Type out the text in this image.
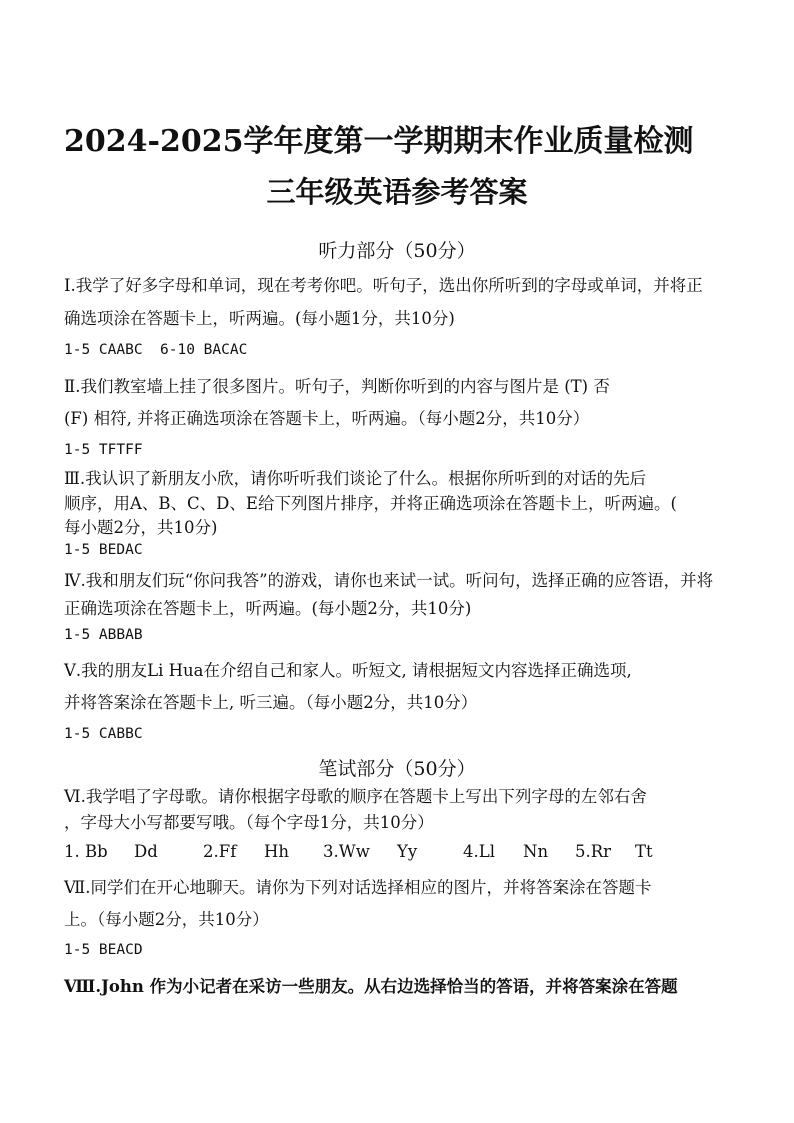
2024-2025学年度第一学期期末作业质量检测
三年级英语参考答案
听力部分（50分）
I.我学了好多字母和单词，现在考考你吧。听句子，选出你所听到的字母或单词，并将正
确选项涂在答题卡上，听两遍。(每小题1分，共10分)
1-5 CAABC  6-10 BACAC
Ⅱ.我们教室墙上挂了很多图片。听句子，判断你听到的内容与图片是 (T) 否
(F) 相符, 并将正确选项涂在答题卡上，听两遍。（每小题2分，共10分）
1-5 TFTFF
Ⅲ.我认识了新朋友小欣，请你听听我们谈论了什么。根据你所听到的对话的先后
顺序，用A、B、C、D、E给下列图片排序，并将正确选项涂在答题卡上，听两遍。(
每小题2分，共10分)
1-5 BEDAC
Ⅳ.我和朋友们玩“你问我答”的游戏，请你也来试一试。听问句，选择正确的应答语，并将
正确选项涂在答题卡上，听两遍。(每小题2分，共10分)
1-5 ABBAB
Ⅴ.我的朋友Li Hua在介绍自己和家人。听短文, 请根据短文内容选择正确选项,
并将答案涂在答题卡上, 听三遍。（每小题2分，共10分）
1-5 CABBC
笔试部分（50分）
Ⅵ.我学唱了字母歌。请你根据字母歌的顺序在答题卡上写出下列字母的左邻右舍
，字母大小写都要写哦。（每个字母1分，共10分）
1. Bb Dd	2.Ff Hh 3.Ww Yy	4.Ll Nn 5.Rr Tt
Ⅶ.同学们在开心地聊天。请你为下列对话选择相应的图片，并将答案涂在答题卡
上。（每小题2分，共10分）
1-5 BEACD
Ⅷ.John 作为小记者在采访一些朋友。从右边选择恰当的答语，并将答案涂在答题
